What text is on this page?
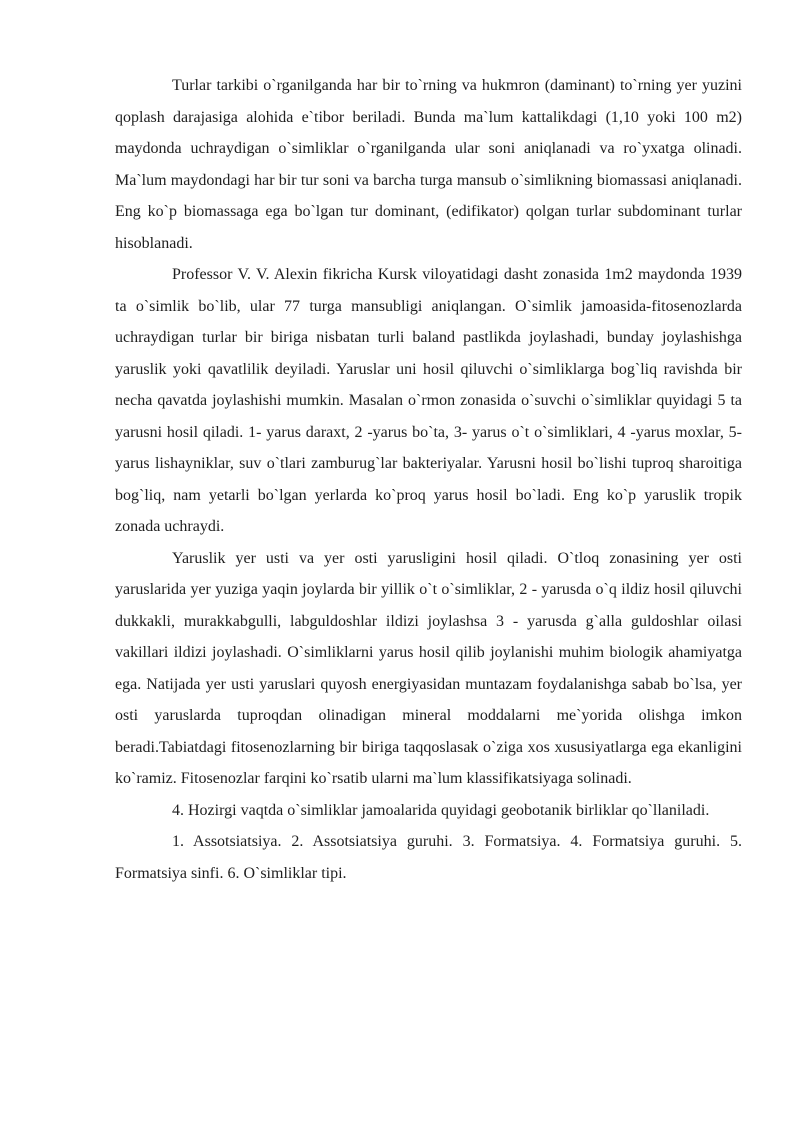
Turlar tarkibi o`rganilganda har bir to`rning va hukmron (daminant) to`rning yer yuzini qoplash darajasiga alohida e`tibor beriladi. Bunda ma`lum kattalikdagi (1,10 yoki 100 m2) maydonda uchraydigan o`simliklar o`rganilganda ular soni aniqlanadi va ro`yxatga olinadi. Ma`lum maydondagi har bir tur soni va barcha turga mansub o`simlikning biomassasi aniqlanadi. Eng ko`p biomassaga ega bo`lgan tur dominant, (edifikator) qolgan turlar subdominant turlar hisoblanadi.

Professor V. V. Alexin fikricha Kursk viloyatidagi dasht zonasida 1m2 maydonda 1939 ta o`simlik bo`lib, ular 77 turga mansubligi aniqlangan. O`simlik jamoasida-fitosenozlarda uchraydigan turlar bir biriga nisbatan turli baland pastlikda joylashadi, bunday joylashishga yaruslik yoki qavatlilik deyiladi. Yaruslar uni hosil qiluvchi o`simliklarga bog`liq ravishda bir necha qavatda joylashishi mumkin. Masalan o`rmon zonasida o`suvchi o`simliklar quyidagi 5 ta yarusni hosil qiladi. 1- yarus daraxt, 2 -yarus bo`ta, 3- yarus o`t o`simliklari, 4 -yarus moxlar, 5- yarus lishayniklar, suv o`tlari zamburug`lar bakteriyalar. Yarusni hosil bo`lishi tuproq sharoitiga bog`liq, nam yetarli bo`lgan yerlarda ko`proq yarus hosil bo`ladi. Eng ko`p yaruslik tropik zonada uchraydi.

Yaruslik yer usti va yer osti yarusligini hosil qiladi. O`tloq zonasining yer osti yaruslarida yer yuziga yaqin joylarda bir yillik o`t o`simliklar, 2 - yarusda o`q ildiz hosil qiluvchi dukkakli, murakkabgulli, labguldoshlar ildizi joylashsa 3 - yarusda g`alla guldoshlar oilasi vakillari ildizi joylashadi. O`simliklarni yarus hosil qilib joylanishi muhim biologik ahamiyatga ega. Natijada yer usti yaruslari quyosh energiyasidan muntazam foydalanishga sabab bo`lsa, yer osti yaruslarda tuproqdan olinadigan mineral moddalarni me`yorida olishga imkon beradi.Tabiatdagi fitosenozlarning bir biriga taqqoslasak o`ziga xos xususiyatlarga ega ekanligini ko`ramiz. Fitosenozlar farqini ko`rsatib ularni ma`lum klassifikatsiyaga solinadi.

4. Hozirgi vaqtda o`simliklar jamoalarida quyidagi geobotanik birliklar qo`llaniladi.

1. Assotsiatsiya. 2. Assotsiatsiya guruhi. 3. Formatsiya. 4. Formatsiya guruhi. 5. Formatsiya sinfi. 6. O`simliklar tipi.
